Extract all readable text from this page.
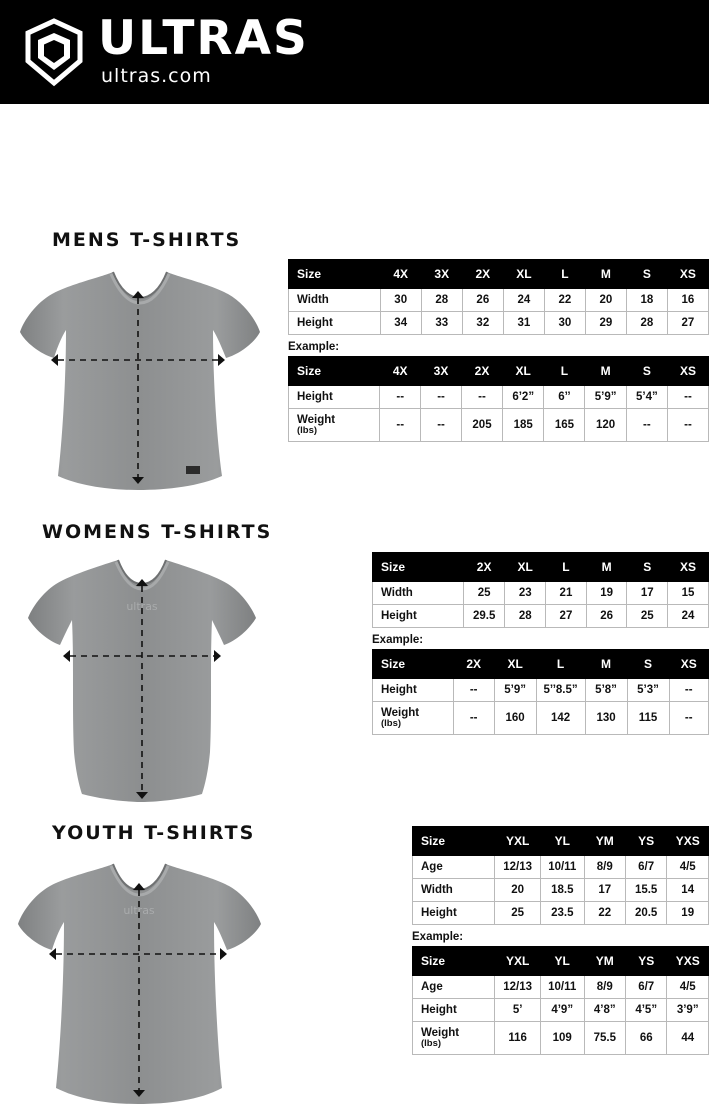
ULTRAS
ultras.com
MENS T-SHIRTS
Size	4X	3X	2X	XL	L	M	S	XS
Width	30	28	26	24	22	20	18	16
Height	34	33	32	31	30	29	28	27
Example:
Size	4X	3X	2X	XL	L	M	S	XS
Height	--	--	--	6’2”	6’’	5’9”	5’4”	--
Weight
(lbs)	--	--	205	185	165	120	--	--
WOMENS T-SHIRTS
ultras
Size	2X	XL	L	M	S	XS
Width	25	23	21	19	17	15
Height	29.5	28	27	26	25	24
Example:
Size	2X	XL	L	M	S	XS
Height	--	5’9”	5’’8.5”	5’8”	5’3”	--
Weight
(lbs)	--	160	142	130	115	--
YOUTH T-SHIRTS
ultras
Size	YXL	YL	YM	YS	YXS
Age	12/13	10/11	8/9	6/7	4/5
Width	20	18.5	17	15.5	14
Height	25	23.5	22	20.5	19
Example:
Size	YXL	YL	YM	YS	YXS
Age	12/13	10/11	8/9	6/7	4/5
Height	5’	4’9”	4’8”	4’5”	3’9”
Weight
(lbs)	116	109	75.5	66	44
